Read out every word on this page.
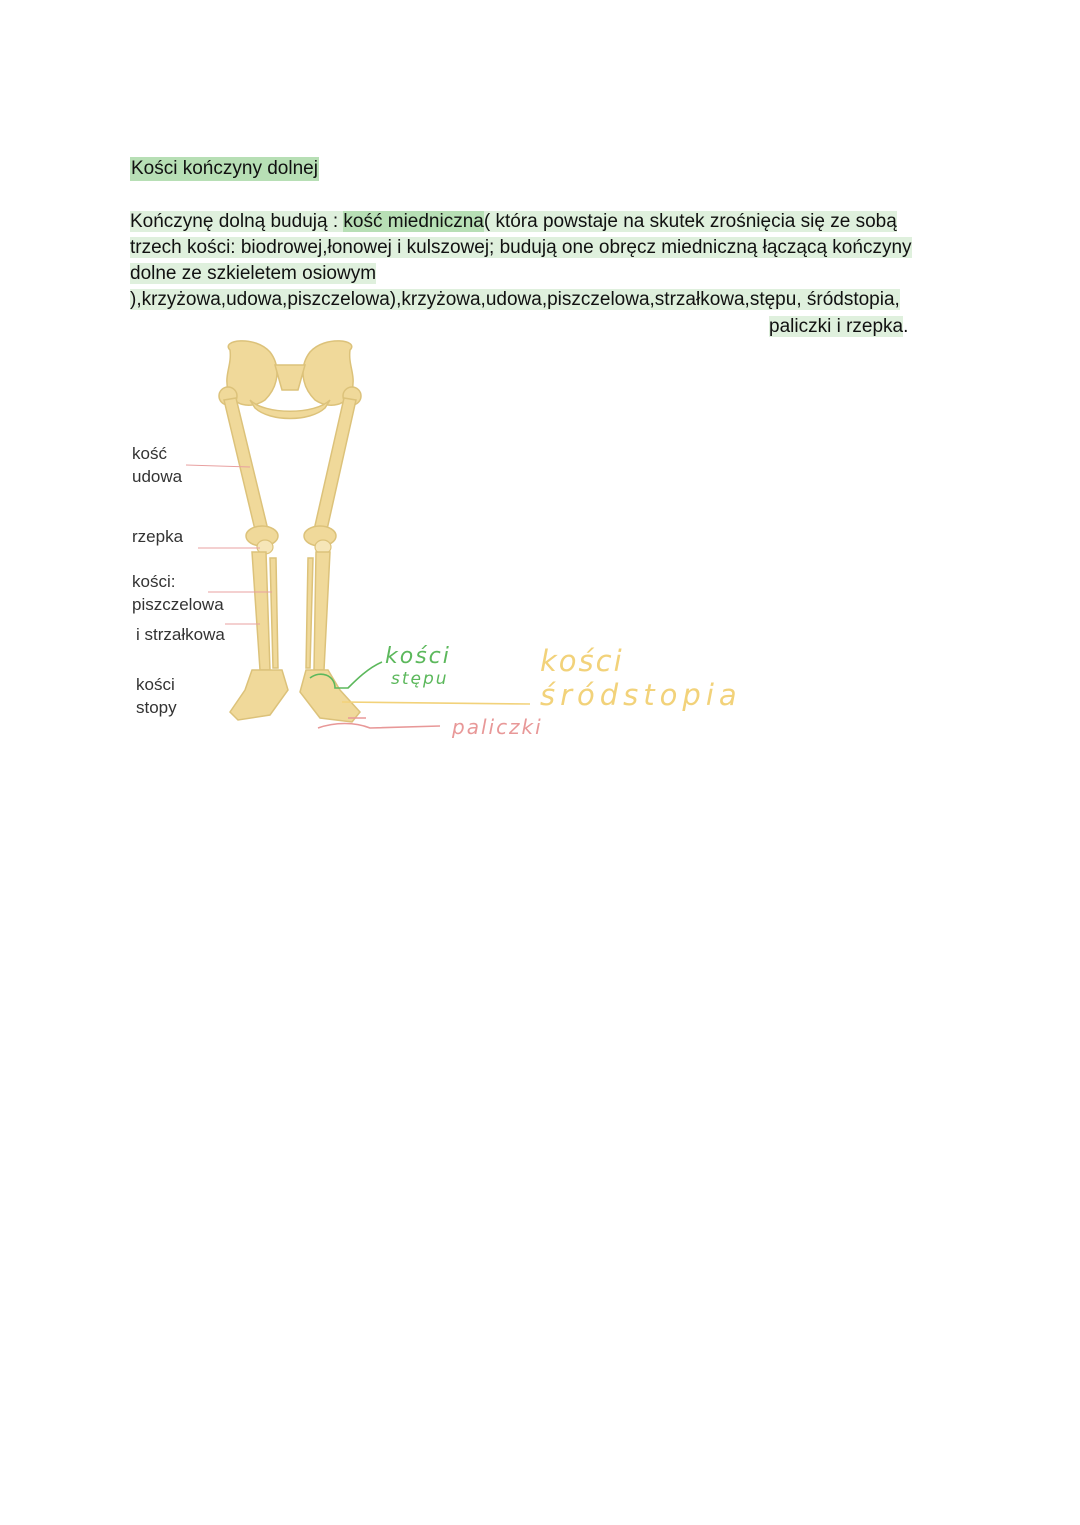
Kości kończyny dolnej
Kończynę dolną budują : kość miedniczna( która powstaje na skutek zrośnięcia się ze sobą trzech kości: biodrowej,łonowej i kulszowej; budują one obręcz miedniczną łączącą kończyny dolne ze szkieletem osiowym ),krzyżowa,udowa,piszczelowa),krzyżowa,udowa,piszczelowa,strzałkowa,stępu, śródstopia,
paliczki i rzepka.
kość
udowa
rzepka
kości:
piszczelowa
i strzałkowa
kości
stopy
kości
stępu
kości
śródstopia
paliczki
